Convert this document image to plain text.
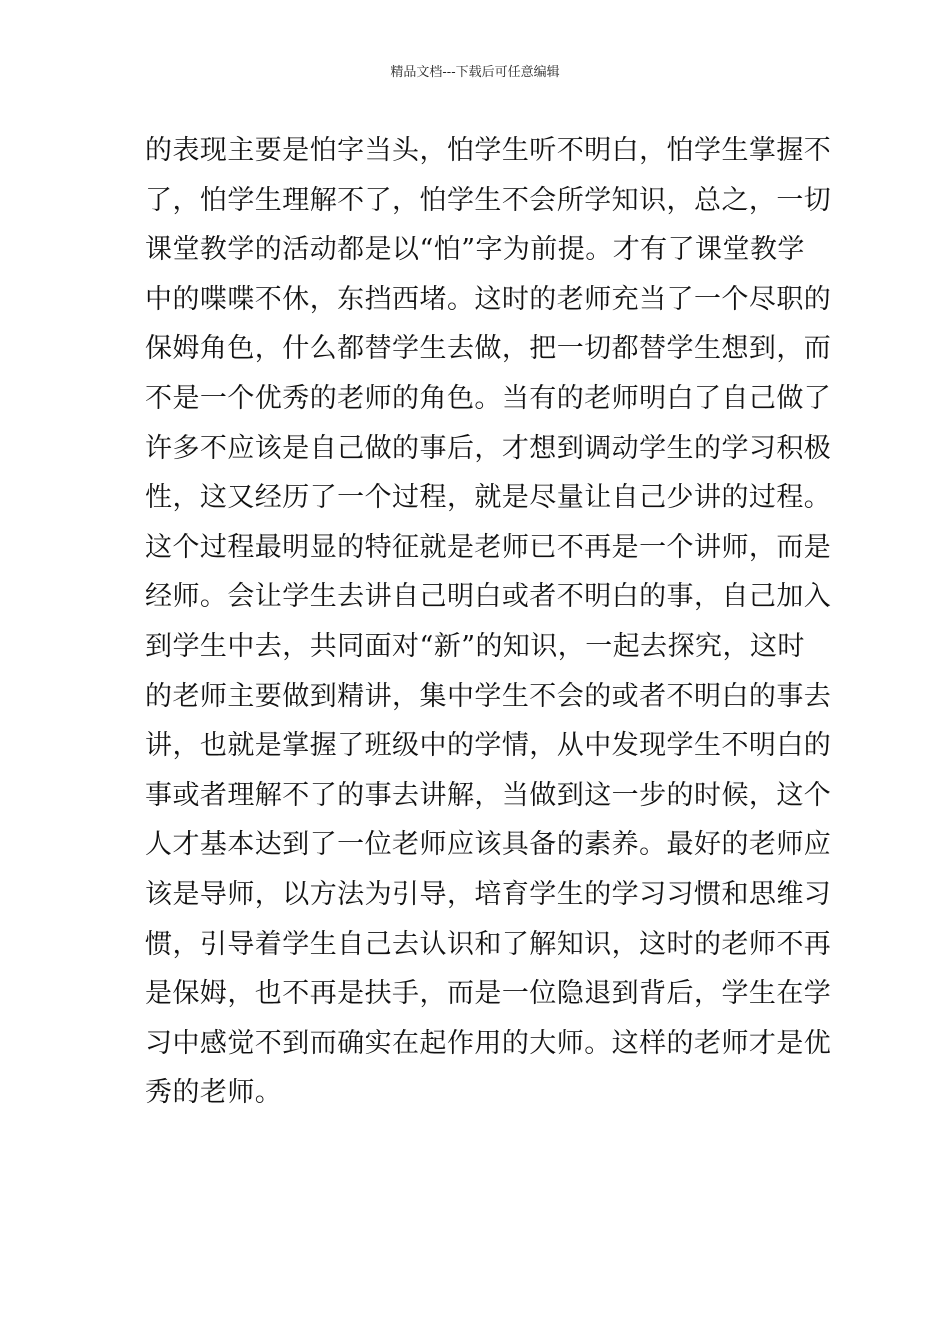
精品文档---下载后可任意编辑
的表现主要是怕字当头，怕学生听不明白，怕学生掌握不
了，怕学生理解不了，怕学生不会所学知识，总之，一切
课堂教学的活动都是以“怕”字为前提。才有了课堂教学
中的喋喋不休，东挡西堵。这时的老师充当了一个尽职的
保姆角色，什么都替学生去做，把一切都替学生想到，而
不是一个优秀的老师的角色。当有的老师明白了自己做了
许多不应该是自己做的事后，才想到调动学生的学习积极
性，这又经历了一个过程，就是尽量让自己少讲的过程。
这个过程最明显的特征就是老师已不再是一个讲师，而是
经师。会让学生去讲自己明白或者不明白的事，自己加入
到学生中去，共同面对“新”的知识，一起去探究，这时
的老师主要做到精讲，集中学生不会的或者不明白的事去
讲，也就是掌握了班级中的学情，从中发现学生不明白的
事或者理解不了的事去讲解，当做到这一步的时候，这个
人才基本达到了一位老师应该具备的素养。最好的老师应
该是导师，以方法为引导，培育学生的学习习惯和思维习
惯，引导着学生自己去认识和了解知识，这时的老师不再
是保姆，也不再是扶手，而是一位隐退到背后，学生在学
习中感觉不到而确实在起作用的大师。这样的老师才是优
秀的老师。
